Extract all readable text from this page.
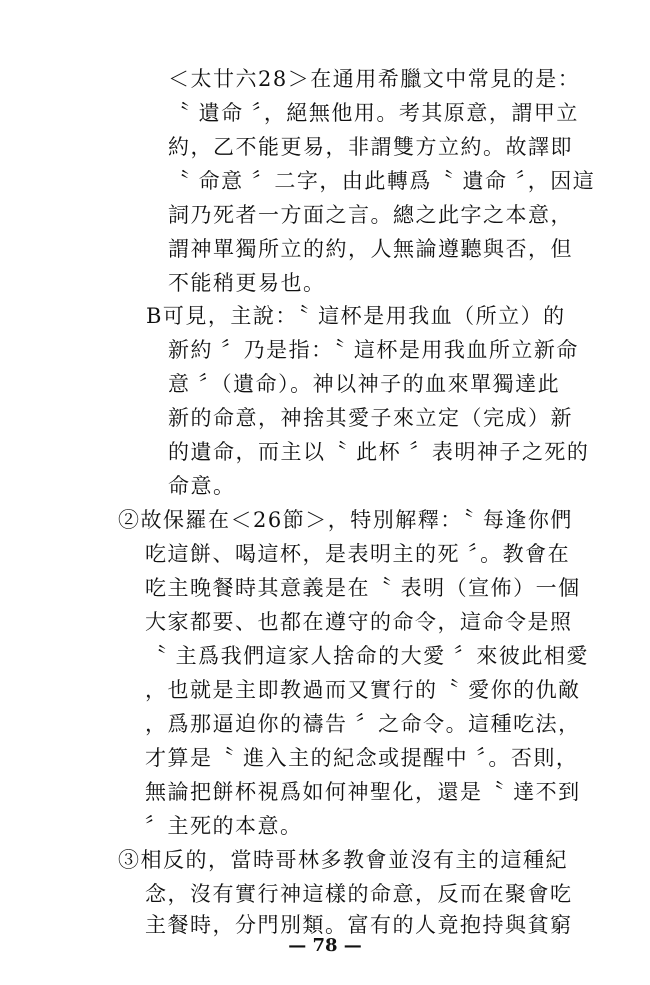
＜太廿六28＞在通用希臘文中常見的是：
〝 遺命 〞，絕無他用。考其原意，謂甲立
約，乙不能更易，非謂雙方立約。故譯即
〝 命意 〞二字，由此轉爲〝 遺命 〞，因這
詞乃死者一方面之言。總之此字之本意，
謂神單獨所立的約，人無論遵聽與否，但
不能稍更易也。
B可見，主說：〝 這杯是用我血（所立）的
新約 〞乃是指：〝 這杯是用我血所立新命
意 〞（遺命）。神以神子的血來單獨達此
新的命意，神捨其愛子來立定（完成）新
的遺命，而主以〝 此杯 〞表明神子之死的
命意。
②故保羅在＜26節＞，特別解釋：〝 每逢你們
吃這餅、喝這杯，是表明主的死 〞。教會在
吃主晚餐時其意義是在〝 表明（宣佈）一個
大家都要、也都在遵守的命令，這命令是照
〝 主爲我們這家人捨命的大愛 〞來彼此相愛
，也就是主即教過而又實行的〝 愛你的仇敵
，爲那逼迫你的禱告 〞之命令。這種吃法，
才算是〝 進入主的紀念或提醒中 〞。否則，
無論把餅杯視爲如何神聖化，還是〝 達不到
〞主死的本意。
③相反的，當時哥林多教會並沒有主的這種紀
念，沒有實行神這樣的命意，反而在聚會吃
主餐時，分門別類。富有的人竟抱持與貧窮
— 78 —
